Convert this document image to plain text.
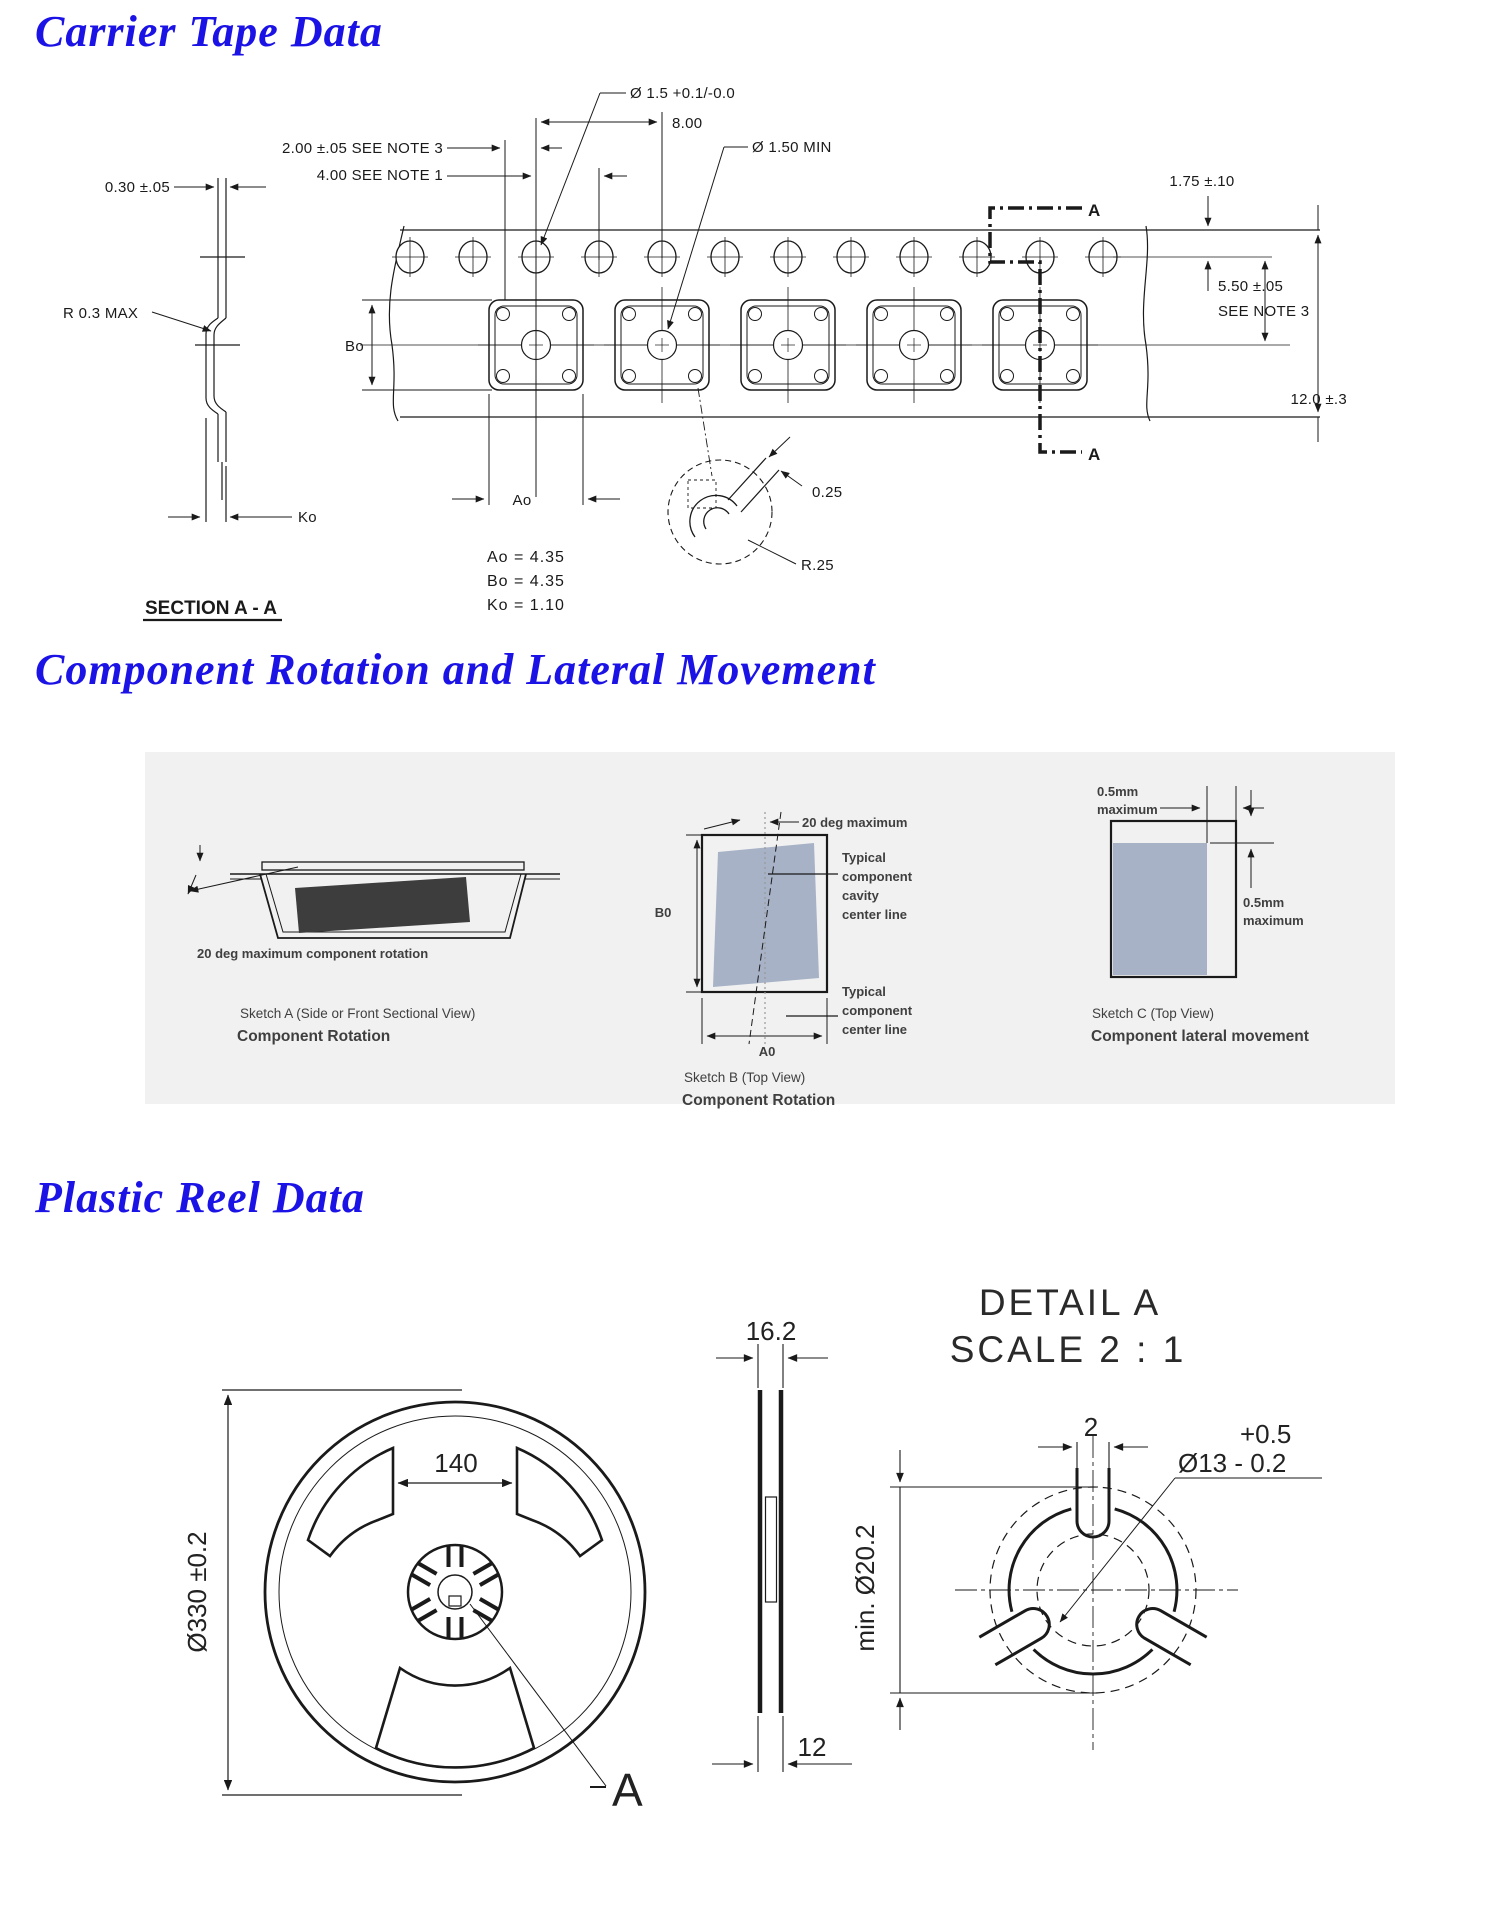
Carrier Tape Data
Component Rotation and Lateral Movement
Plastic Reel Data
0.30 ±.05
R 0.3 MAX
Ko
SECTION A - A
2.00 ±.05 SEE NOTE 3
4.00 SEE NOTE 1
8.00
Ø 1.5 +0.1/-0.0
Ø 1.50 MIN
Bo
Ao
1.75 ±.10
5.50 ±.05
SEE NOTE 3
12.0 ±.3
A
A
0.25
R.25
Ao = 4.35
Bo = 4.35
Ko = 1.10
20 deg maximum component rotation
Sketch A (Side or Front Sectional View)
Component Rotation
20 deg maximum
B0
A0
Typical
component
cavity
center line
Typical
component
center line
Sketch B (Top View)
Component Rotation
0.5mm
maximum
0.5mm
maximum
Sketch C (Top View)
Component lateral movement
140
Ø330 ±0.2
A
16.2
12
DETAIL A
SCALE 2 : 1
2	+0.5
Ø13 - 0.2
min. Ø20.2
